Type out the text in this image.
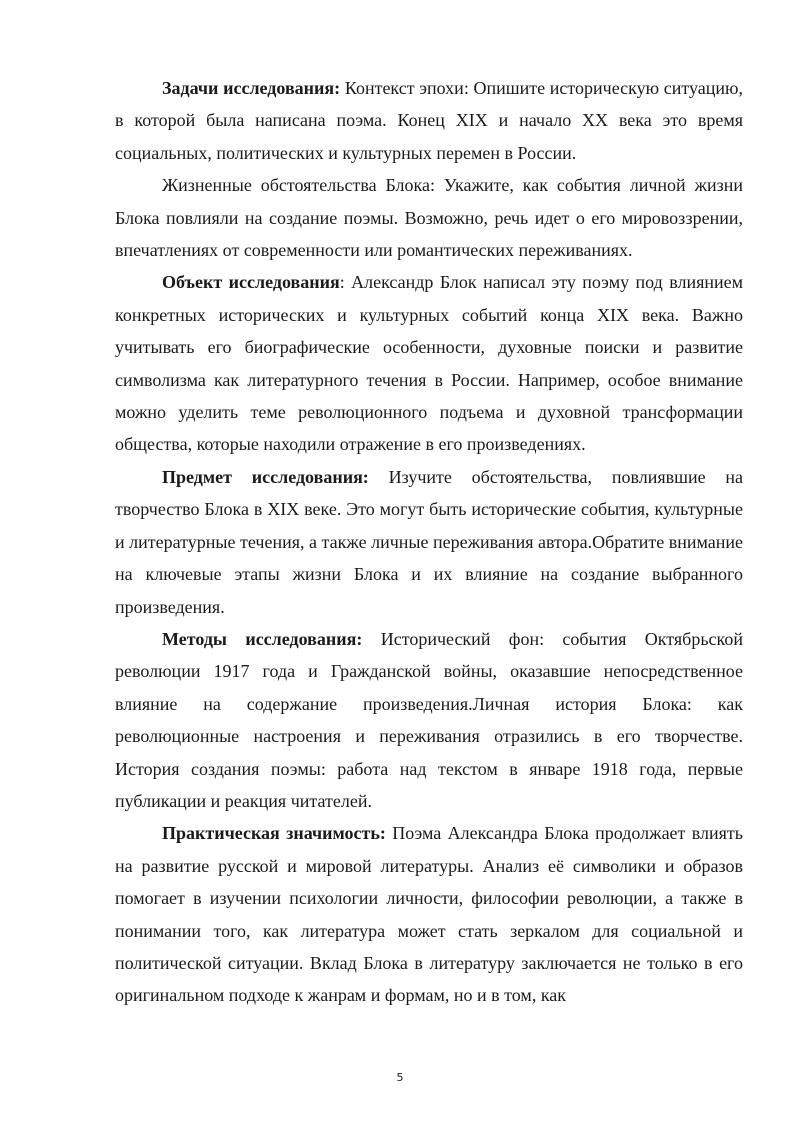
Задачи исследования: Контекст эпохи: Опишите историческую ситуацию, в которой была написана поэма. Конец XIX и начало XX века это время социальных, политических и культурных перемен в России.

Жизненные обстоятельства Блока: Укажите, как события личной жизни Блока повлияли на создание поэмы. Возможно, речь идет о его мировоззрении, впечатлениях от современности или романтических переживаниях.

Объект исследования: Александр Блок написал эту поэму под влиянием конкретных исторических и культурных событий конца XIX века. Важно учитывать его биографические особенности, духовные поиски и развитие символизма как литературного течения в России. Например, особое внимание можно уделить теме революционного подъема и духовной трансформации общества, которые находили отражение в его произведениях.

Предмет исследования: Изучите обстоятельства, повлиявшие на творчество Блока в XIX веке. Это могут быть исторические события, культурные и литературные течения, а также личные переживания автора.Обратите внимание на ключевые этапы жизни Блока и их влияние на создание выбранного произведения.

Методы исследования: Исторический фон: события Октябрьской революции 1917 года и Гражданской войны, оказавшие непосредственное влияние на содержание произведения.Личная история Блока: как революционные настроения и переживания отразились в его творчестве. История создания поэмы: работа над текстом в январе 1918 года, первые публикации и реакция читателей.

Практическая значимость: Поэма Александра Блока продолжает влиять на развитие русской и мировой литературы. Анализ её символики и образов помогает в изучении психологии личности, философии революции, а также в понимании того, как литература может стать зеркалом для социальной и политической ситуации. Вклад Блока в литературу заключается не только в его оригинальном подходе к жанрам и формам, но и в том, как

5
